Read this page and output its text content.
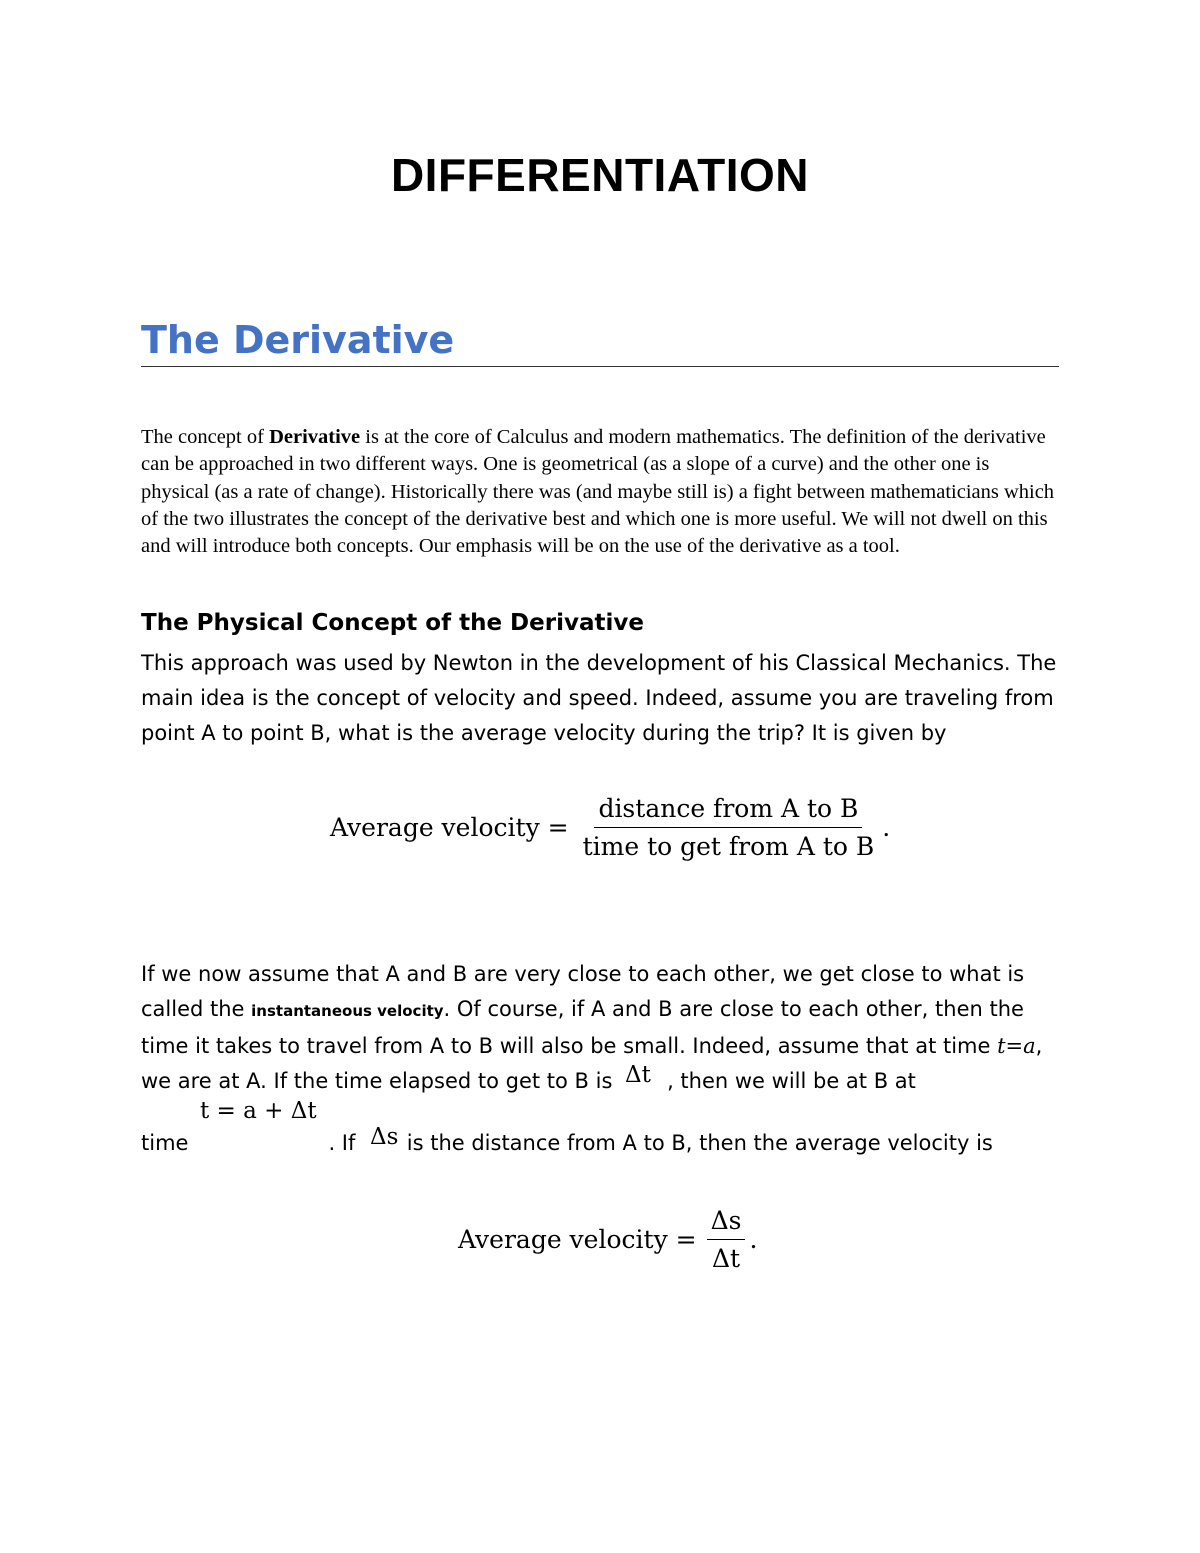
DIFFERENTIATION
The Derivative

The concept of Derivative is at the core of Calculus and modern mathematics. The definition of the derivative can be approached in two different ways. One is geometrical (as a slope of a curve) and the other one is physical (as a rate of change). Historically there was (and maybe still is) a fight between mathematicians which of the two illustrates the concept of the derivative best and which one is more useful. We will not dwell on this and will introduce both concepts. Our emphasis will be on the use of the derivative as a tool.

The Physical Concept of the Derivative

This approach was used by Newton in the development of his Classical Mechanics. The main idea is the concept of velocity and speed. Indeed, assume you are traveling from point A to point B, what is the average velocity during the trip? It is given by

Average velocity = $\frac{\text{distance from A to B}}{\text{time to get from A to B}}$ .

If we now assume that A and B are very close to each other, we get close to what is called the instantaneous velocity. Of course, if A and B are close to each other, then the time it takes to travel from A to B will also be small. Indeed, assume that at time t=a, we are at A. If the time elapsed to get to B is , then we will be at B at
time	. If  is the distance from A to B, then the average velocity is

Δt
t = a + Δt
Δs
Average velocity = $\frac{\Delta s}{\Delta t}$ .
